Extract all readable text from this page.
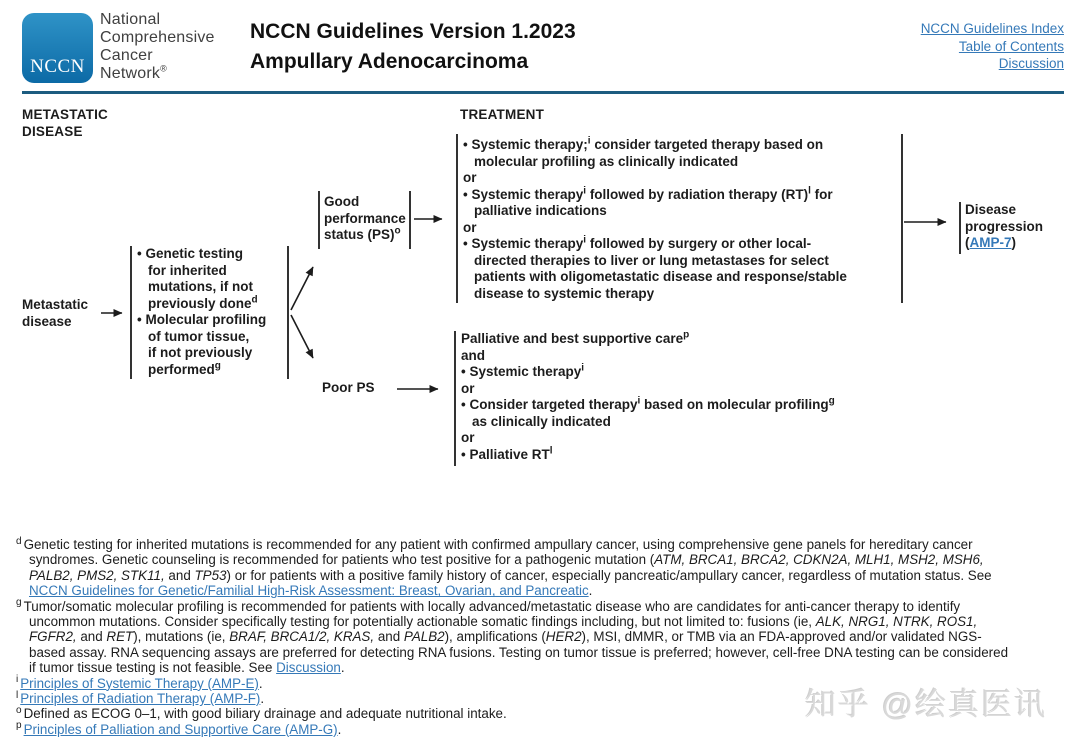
NCCN
National
Comprehensive
Cancer
Network®
NCCN Guidelines Version 1.2023
Ampullary Adenocarcinoma
NCCN Guidelines Index
Table of Contents
Discussion
METASTATIC
DISEASE
TREATMENT
Metastatic
disease
• Genetic testing
for inherited
mutations, if not
previously done$^d$
• Molecular profiling
of tumor tissue,
if not previously
performed$^g$
Good
performance
status (PS)$^o$
Poor PS
• Systemic therapy;$^i$ consider targeted therapy based on
molecular profiling as clinically indicated
or
• Systemic therapy$^i$ followed by radiation therapy (RT)$^l$ for
palliative indications
or
• Systemic therapy$^i$ followed by surgery or other local-
directed therapies to liver or lung metastases for select
patients with oligometastatic disease and response/stable
disease to systemic therapy
Palliative and best supportive care$^p$
and
• Systemic therapy$^i$
or
• Consider targeted therapy$^i$ based on molecular profiling$^g$
as clinically indicated
or
• Palliative $RT^l$
Disease
progression
(AMP-7)
$^d$ Genetic testing for inherited mutations is recommended for any patient with confirmed ampullary cancer, using comprehensive gene panels for hereditary cancer
syndromes. Genetic counseling is recommended for patients who test positive for a pathogenic mutation (ATM, BRCA1, BRCA2, CDKN2A, MLH1, MSH2, MSH6,
PALB2, PMS2, STK11, and TP53) or for patients with a positive family history of cancer, especially pancreatic/ampullary cancer, regardless of mutation status. See
NCCN Guidelines for Genetic/Familial High-Risk Assessment: Breast, Ovarian, and Pancreatic.
$^g$ Tumor/somatic molecular profiling is recommended for patients with locally advanced/metastatic disease who are candidates for anti-cancer therapy to identify
uncommon mutations. Consider specifically testing for potentially actionable somatic findings including, but not limited to: fusions (ie, ALK, NRG1, NTRK, ROS1,
FGFR2, and RET), mutations (ie, BRAF, BRCA1/2, KRAS, and PALB2), amplifications (HER2), MSI, dMMR, or TMB via an FDA-approved and/or validated NGS-
based assay. RNA sequencing assays are preferred for detecting RNA fusions. Testing on tumor tissue is preferred; however, cell-free DNA testing can be considered
if tumor tissue testing is not feasible. See Discussion.
$^i$ Principles of Systemic Therapy (AMP-E).
$^l$ Principles of Radiation Therapy (AMP-F).
$^o$ Defined as ECOG 0–1, with good biliary drainage and adequate nutritional intake.
$^p$ Principles of Palliation and Supportive Care (AMP-G).
知乎 @绘真医讯
